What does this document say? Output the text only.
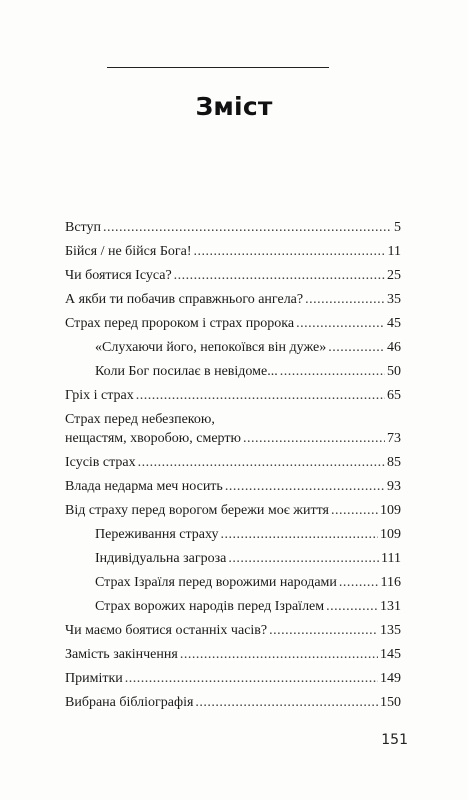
Зміст
Вступ .....	5
Бійся / не бійся Бога! .....	11
Чи боятися Ісуса? .....	25
А якби ти побачив справжнього ангела? .....	35
Страх перед пророком і страх пророка .....	45
«Слухаючи його, непокоївся він дуже» .....	46
Коли Бог посилає в невідоме... .....	50
Гріх і страх .....	65
Страх перед небезпекою,
нещастям, хворобою, смертю .....	73
Ісусів страх .....	85
Влада недарма меч носить .....	93
Від страху перед ворогом бережи моє життя .....	109
Переживання страху .....	109
Індивідуальна загроза .....	111
Страх Ізраїля перед ворожими народами .....	116
Страх ворожих народів перед Ізраїлем .....	131
Чи маємо боятися останніх часів? .....	135
Замість закінчення .....	145
Примітки .....	149
Вибрана бібліографія .....	150
151
